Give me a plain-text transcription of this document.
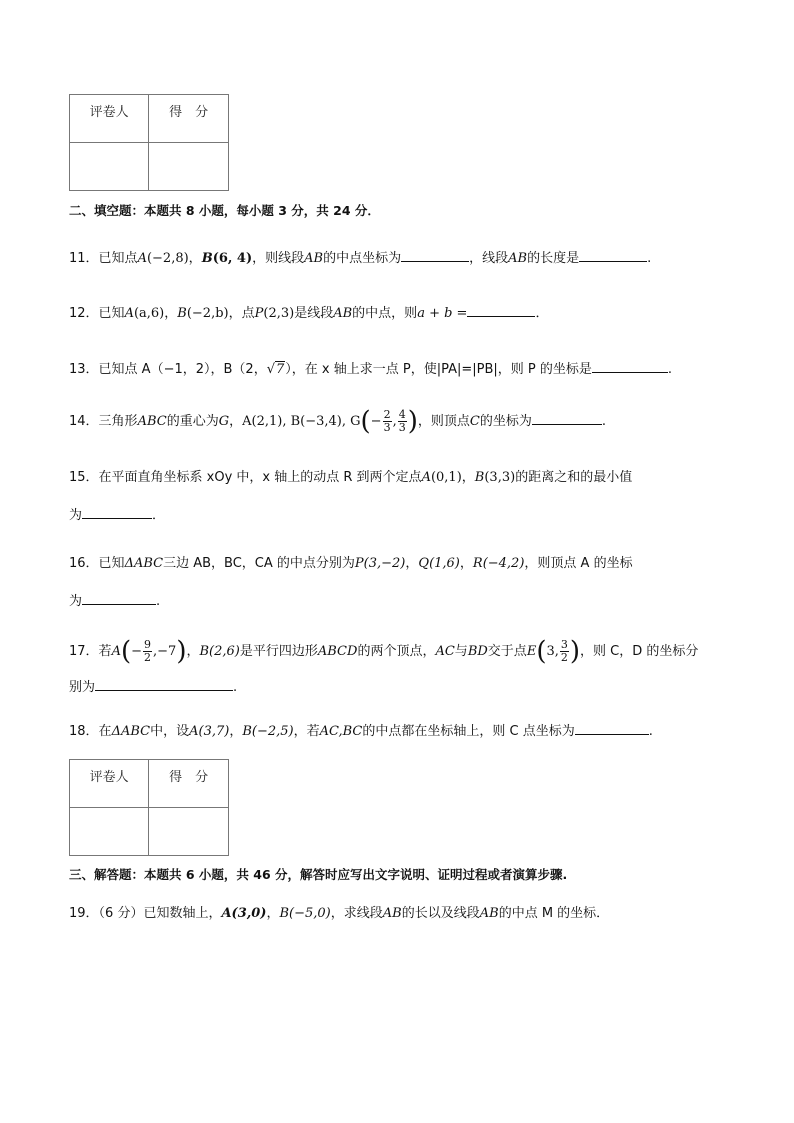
评卷人	得　分

二、填空题：本题共 8 小题，每小题 3 分，共 24 分．
11．已知点A(−2,8)，B(6, 4)，则线段AB的中点坐标为	，线段AB的长度是	.
12．已知A(a,6)，B(−2,b)，点P(2,3)是线段AB的中点，则a + b =	．
13．已知点 A（−1，2），B（2，√7），在 x 轴上求一点 P，使|PA|=|PB|，则 P 的坐标是	.
14．三角形ABC的重心为G，A(2,1), B(−3,4), $G(- \frac{2}{3}$ , $\frac{4}{3}$ )，则顶点C的坐标为	.
15．在平面直角坐标系 xOy 中，x 轴上的动点 R 到两个定点A(0,1)，B(3,3)的距离之和的最小值
为	．
16．已知ΔABC三边 AB，BC，CA 的中点分别为P(3,−2)，Q(1,6)，R(−4,2)，则顶点 A 的坐标
为	.
17．若$A(- \frac{9}{2} ,-7)$，B(2,6)是平行四边形ABCD的两个顶点，AC与BD交于点E(3, $\frac{3}{2}$ )，则 C，D 的坐标分
别为	.
18．在ΔABC中，设A(3,7)，B(−2,5)，若AC,BC的中点都在坐标轴上，则 C 点坐标为	.
评卷人	得　分

三、解答题：本题共 6 小题，共 46 分，解答时应写出文字说明、证明过程或者演算步骤.
19．（6 分）已知数轴上，A(3,0)，B(−5,0)，求线段AB的长以及线段AB的中点 M 的坐标．
